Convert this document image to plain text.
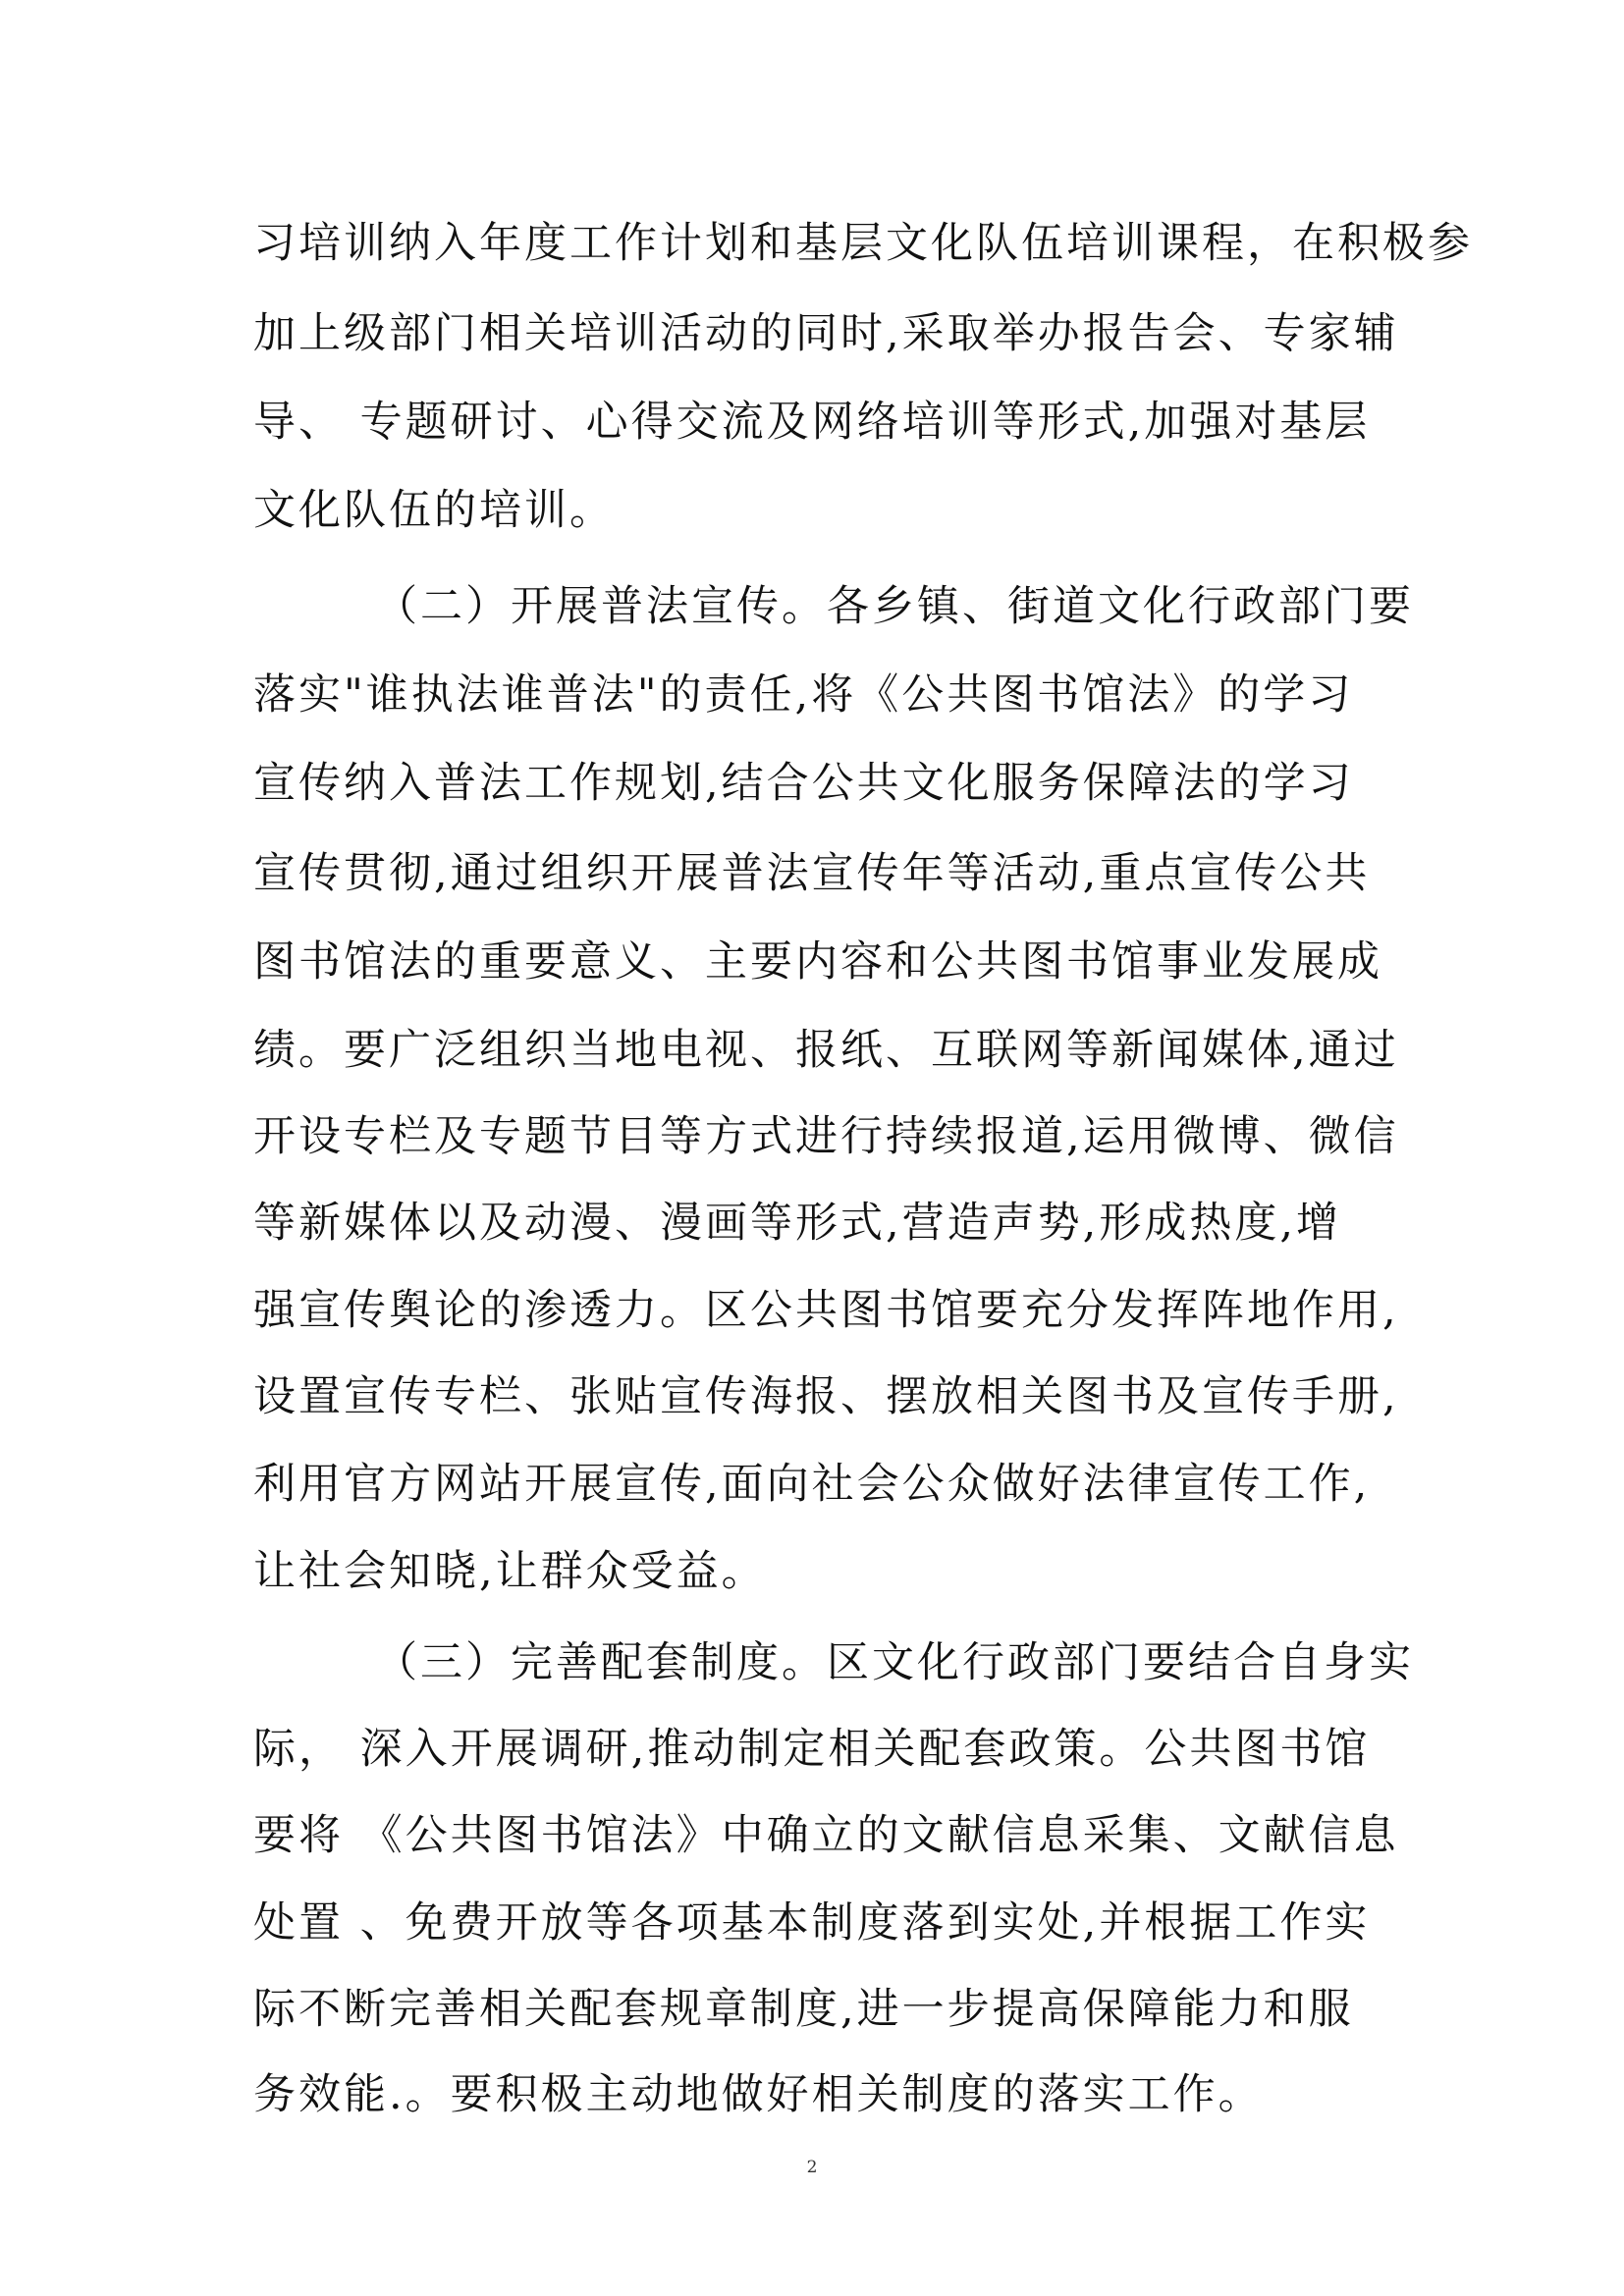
习培训纳入年度工作计划和基层文化队伍培训课程，在积极参

加上级部门相关培训活动的同时,采取举办报告会、专家辅

导、 专题研讨、心得交流及网络培训等形式,加强对基层

文化队伍的培训。

（二）开展普法宣传。各乡镇、街道文化行政部门要

落实"谁执法谁普法"的责任,将《公共图书馆法》的学习

宣传纳入普法工作规划,结合公共文化服务保障法的学习

宣传贯彻,通过组织开展普法宣传年等活动,重点宣传公共

图书馆法的重要意义、主要内容和公共图书馆事业发展成

绩。要广泛组织当地电视、报纸、互联网等新闻媒体,通过

开设专栏及专题节目等方式进行持续报道,运用微博、微信

等新媒体以及动漫、漫画等形式,营造声势,形成热度,增

强宣传舆论的渗透力。区公共图书馆要充分发挥阵地作用,

设置宣传专栏、张贴宣传海报、摆放相关图书及宣传手册,

利用官方网站开展宣传,面向社会公众做好法律宣传工作,

让社会知晓,让群众受益。

（三）完善配套制度。区文化行政部门要结合自身实

际， 深入开展调研,推动制定相关配套政策。公共图书馆

要将 《公共图书馆法》中确立的文献信息采集、文献信息

处置 、免费开放等各项基本制度落到实处,并根据工作实

际不断完善相关配套规章制度,进一步提高保障能力和服

务效能.。要积极主动地做好相关制度的落实工作。

2
